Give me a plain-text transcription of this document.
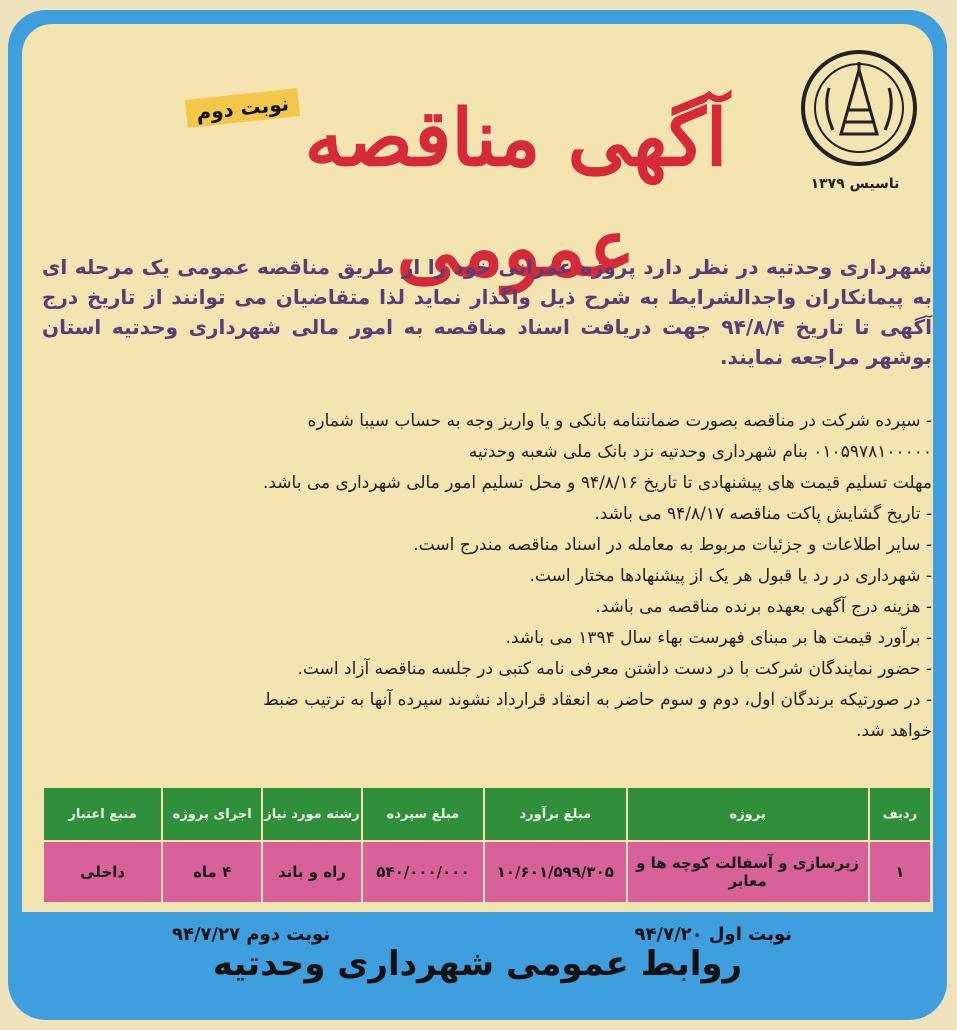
تاسیس ۱۳۷۹
آگهی مناقصه عمومی
نوبت دوم
شهرداری وحدتیه در نظر دارد پروژه عمرانی خود را از طریق مناقصه عمومی یک مرحله ای به پیمانکاران واجدالشرایط به شرح ذیل واگذار نماید لذا متقاضیان می توانند از تاریخ درج آگهی تا تاریخ ۹۴/۸/۴ جهت دریافت اسناد مناقصه به امور مالی شهرداری وحدتیه استان بوشهر مراجعه نمایند.
- سپرده شرکت در مناقصه بصورت ضمانتنامه بانکی و یا واریز وجه به حساب سیبا شماره
۰۱۰۵۹۷۸۱۰۰۰۰۰ بنام شهرداری وحدتیه نزد بانک ملی شعبه وحدتیه
مهلت تسلیم قیمت های پیشنهادی تا تاریخ ۹۴/۸/۱۶ و محل تسلیم امور مالی شهرداری می باشد.
- تاریخ گشایش پاکت مناقصه ۹۴/۸/۱۷ می باشد.
- سایر اطلاعات و جزئیات مربوط به معامله در اسناد مناقصه مندرج است.
- شهرداری در رد یا قبول هر یک از پیشنهادها مختار است.
- هزینه درج آگهی بعهده برنده مناقصه می باشد.
- برآورد قیمت ها بر مبنای فهرست بهاء سال ۱۳۹۴ می باشد.
- حضور نمایندگان شرکت با در دست داشتن معرفی نامه کتبی در جلسه مناقصه آزاد است.
- در صورتیکه برندگان اول، دوم و سوم حاضر به انعقاد قرارداد نشوند سپرده آنها به ترتیب ضبط
خواهد شد.
ردیف	پروژه	مبلغ برآورد	مبلغ سپرده	رشته مورد نیاز	اجرای پروژه	منبع اعتبار
۱	زیرسازی و آسفالت کوچه ها و معابر	۱۰/۶۰۱/۵۹۹/۳۰۵	۵۴۰/۰۰۰/۰۰۰	راه و باند	۴ ماه	داخلی
نوبت اول ۹۴/۷/۲۰
نوبت دوم ۹۴/۷/۲۷
روابط عمومی شهرداری وحدتیه
